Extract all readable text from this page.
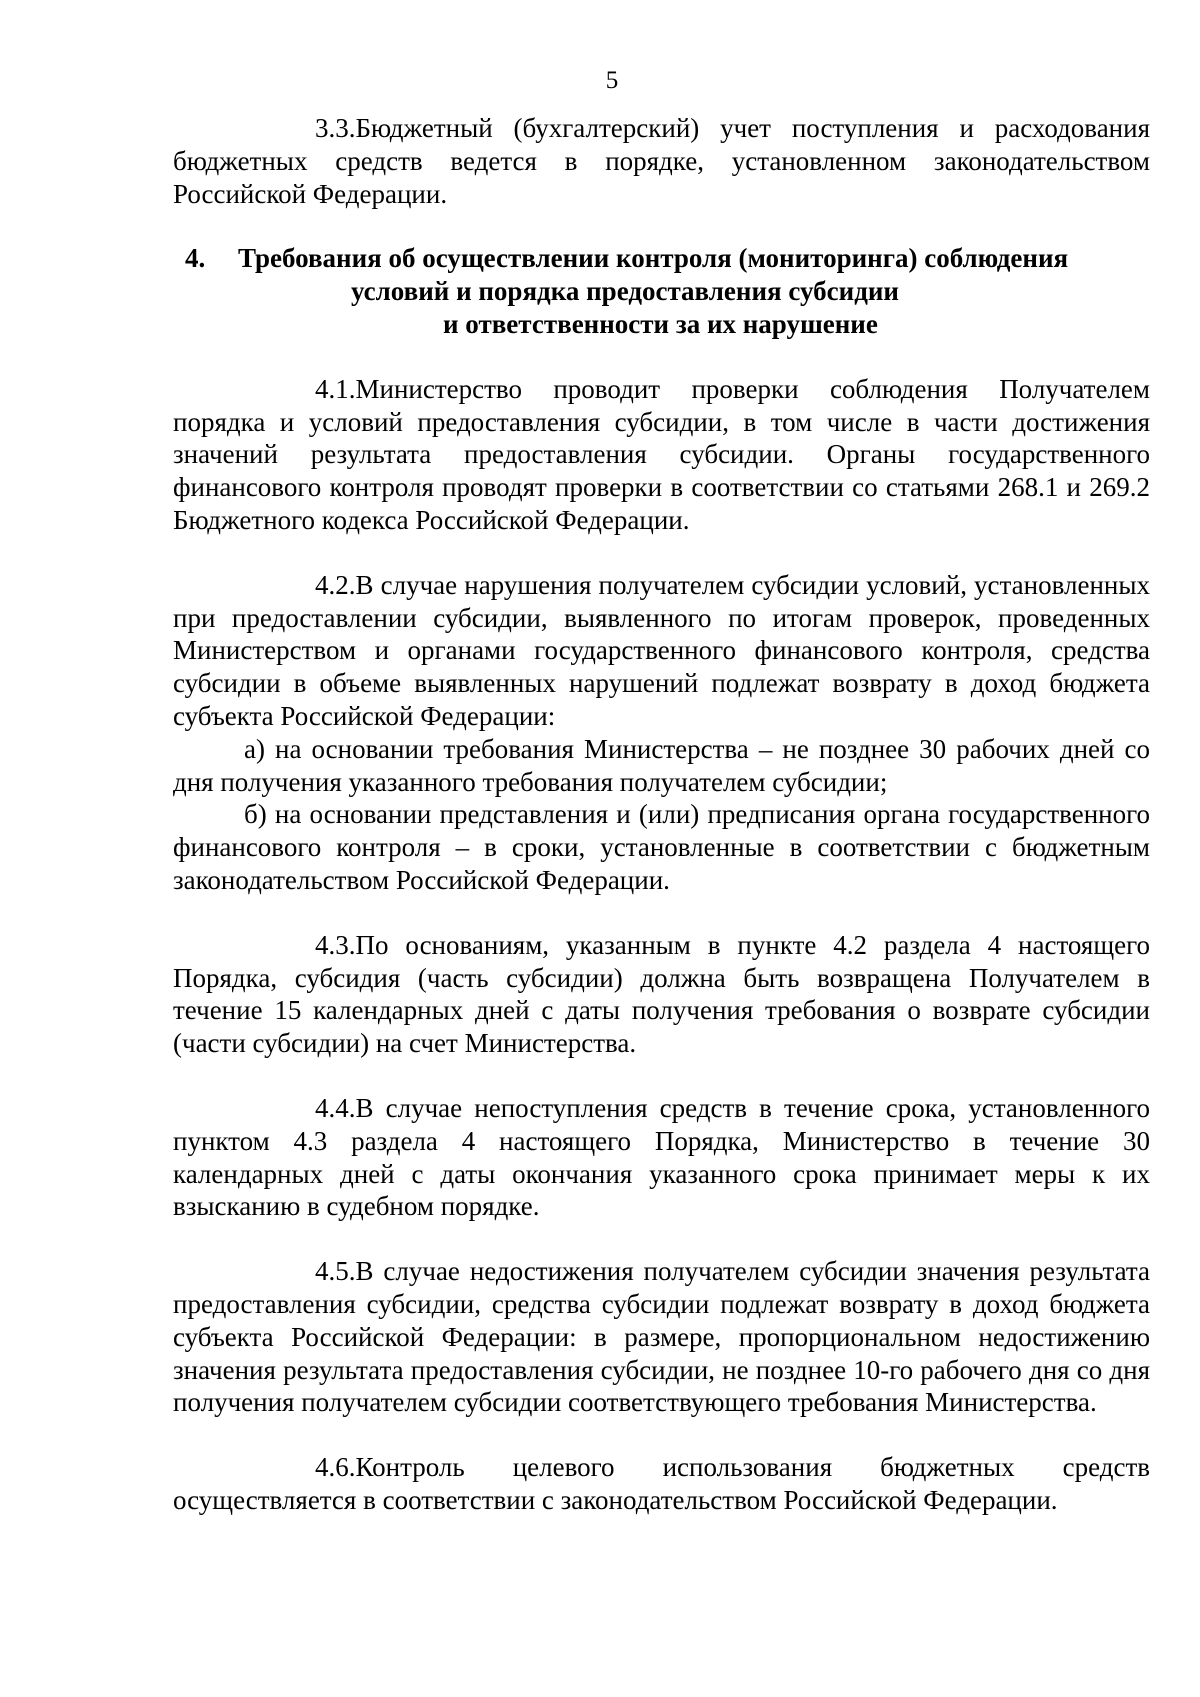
5

3.3.Бюджетный (бухгалтерский) учет поступления и расходования бюджетных средств ведется в порядке, установленном законодательством Российской Федерации.

4.	Требования об осуществлении контроля (мониторинга) соблюдения
условий и порядка предоставления субсидии
и ответственности за их нарушение

4.1.Министерство проводит проверки соблюдения Получателем порядка и условий предоставления субсидии, в том числе в части достижения значений результата предоставления субсидии. Органы государственного финансового контроля проводят проверки в соответствии со статьями 268.1 и 269.2 Бюджетного кодекса Российской Федерации.

4.2.В случае нарушения получателем субсидии условий, установленных при предоставлении субсидии, выявленного по итогам проверок, проведенных Министерством и органами государственного финансового контроля, средства субсидии в объеме выявленных нарушений подлежат возврату в доход бюджета субъекта Российской Федерации:

а) на основании требования Министерства – не позднее 30 рабочих дней со дня получения указанного требования получателем субсидии;

б) на основании представления и (или) предписания органа государственного финансового контроля – в сроки, установленные в соответствии с бюджетным законодательством Российской Федерации.

4.3.По основаниям, указанным в пункте 4.2 раздела 4 настоящего Порядка, субсидия (часть субсидии) должна быть возвращена Получателем в течение 15 календарных дней с даты получения требования о возврате субсидии (части субсидии) на счет Министерства.

4.4.В случае непоступления средств в течение срока, установленного пунктом 4.3 раздела 4 настоящего Порядка, Министерство в течение 30 календарных дней с даты окончания указанного срока принимает меры к их взысканию в судебном порядке.

4.5.В случае недостижения получателем субсидии значения результата предоставления субсидии, средства субсидии подлежат возврату в доход бюджета субъекта Российской Федерации: в размере, пропорциональном недостижению значения результата предоставления субсидии, не позднее 10-го рабочего дня со дня получения получателем субсидии соответствующего требования Министерства.

4.6.Контроль целевого использования бюджетных средств осуществляется в соответствии с законодательством Российской Федерации.
